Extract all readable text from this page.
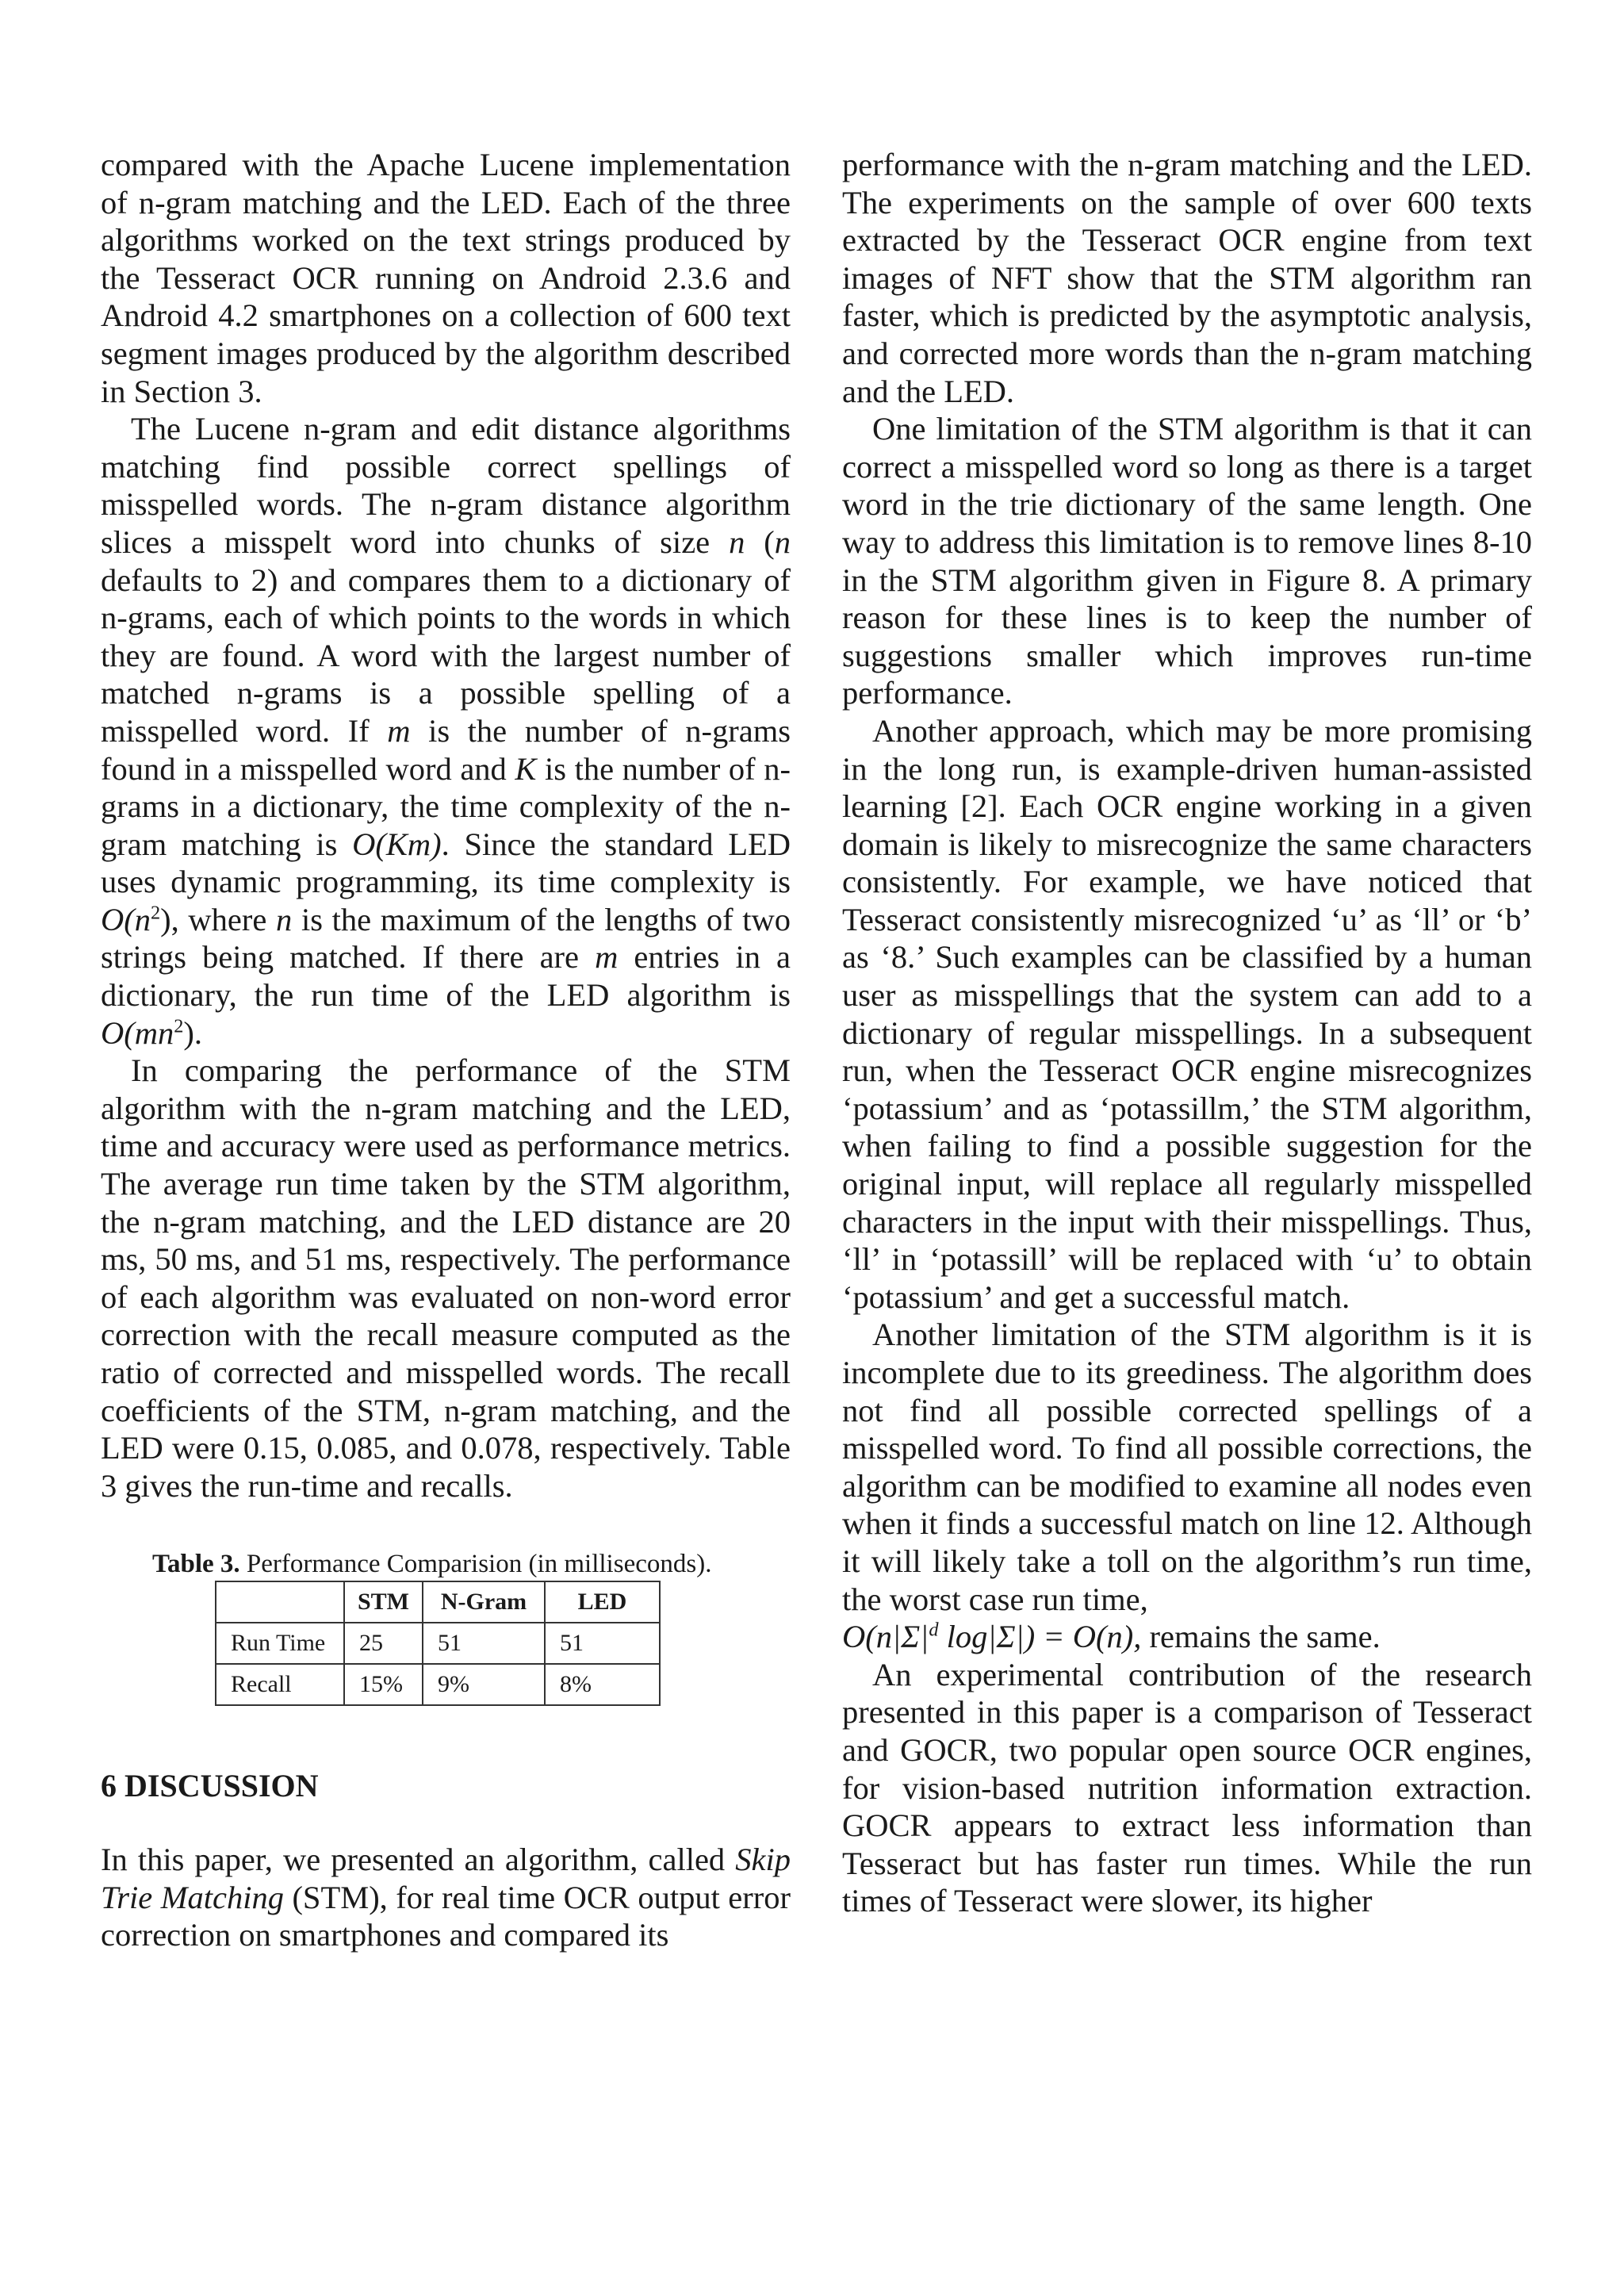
compared with the Apache Lucene implementation of n-gram matching and the LED. Each of the three algorithms worked on the text strings produced by the Tesseract OCR running on Android 2.3.6 and Android 4.2 smartphones on a collection of 600 text segment images produced by the algorithm described in Section 3.

The Lucene n-gram and edit distance algorithms matching find possible correct spellings of misspelled words. The n-gram distance algorithm slices a misspelt word into chunks of size n (n defaults to 2) and compares them to a dictionary of n-grams, each of which points to the words in which they are found. A word with the largest number of matched n-grams is a possible spelling of a misspelled word. If m is the number of n-grams found in a misspelled word and K is the number of n-grams in a dictionary, the time complexity of the n-gram matching is O(Km). Since the standard LED uses dynamic programming, its time complexity is $O(n^2)$, where n is the maximum of the lengths of two strings being matched. If there are m entries in a dictionary, the run time of the LED algorithm is $O(mn^2)$.

In comparing the performance of the STM algorithm with the n-gram matching and the LED, time and accuracy were used as performance metrics. The average run time taken by the STM algorithm, the n-gram matching, and the LED distance are 20 ms, 50 ms, and 51 ms, respectively. The performance of each algorithm was evaluated on non-word error correction with the recall measure computed as the ratio of corrected and misspelled words. The recall coefficients of the STM, n-gram matching, and the LED were 0.15, 0.085, and 0.078, respectively. Table 3 gives the run-time and recalls.

Table 3. Performance Comparision (in milliseconds).
	STM	N-Gram	LED
Run Time	25	51	51
Recall	15%	9%	8%
6 DISCUSSION

In this paper, we presented an algorithm, called Skip Trie Matching (STM), for real time OCR output error correction on smartphones and compared its

performance with the n-gram matching and the LED. The experiments on the sample of over 600 texts extracted by the Tesseract OCR engine from text images of NFT show that the STM algorithm ran faster, which is predicted by the asymptotic analysis, and corrected more words than the n-gram matching and the LED.

One limitation of the STM algorithm is that it can correct a misspelled word so long as there is a target word in the trie dictionary of the same length. One way to address this limitation is to remove lines 8-10 in the STM algorithm given in Figure 8. A primary reason for these lines is to keep the number of suggestions smaller which improves run-time performance.

Another approach, which may be more promising in the long run, is example-driven human-assisted learning [2]. Each OCR engine working in a given domain is likely to misrecognize the same characters consistently. For example, we have noticed that Tesseract consistently misrecognized ‘u’ as ‘ll’ or ‘b’ as ‘8.’ Such examples can be classified by a human user as misspellings that the system can add to a dictionary of regular misspellings. In a subsequent run, when the Tesseract OCR engine misrecognizes ‘potassium’ and as ‘potassillm,’ the STM algorithm, when failing to find a possible suggestion for the original input, will replace all regularly misspelled characters in the input with their misspellings. Thus, ‘ll’ in ‘potassill’ will be replaced with ‘u’ to obtain ‘potassium’ and get a successful match.

Another limitation of the STM algorithm is it is incomplete due to its greediness. The algorithm does not find all possible corrected spellings of a misspelled word. To find all possible corrections, the algorithm can be modified to examine all nodes even when it finds a successful match on line 12. Although it will likely take a toll on the algorithm’s run time, the worst case run time,

$O(n|\Sigma|^d$ log|Σ|) = O(n), remains the same.

An experimental contribution of the research presented in this paper is a comparison of Tesseract and GOCR, two popular open source OCR engines, for vision-based nutrition information extraction. GOCR appears to extract less information than Tesseract but has faster run times. While the run times of Tesseract were slower, its higher
